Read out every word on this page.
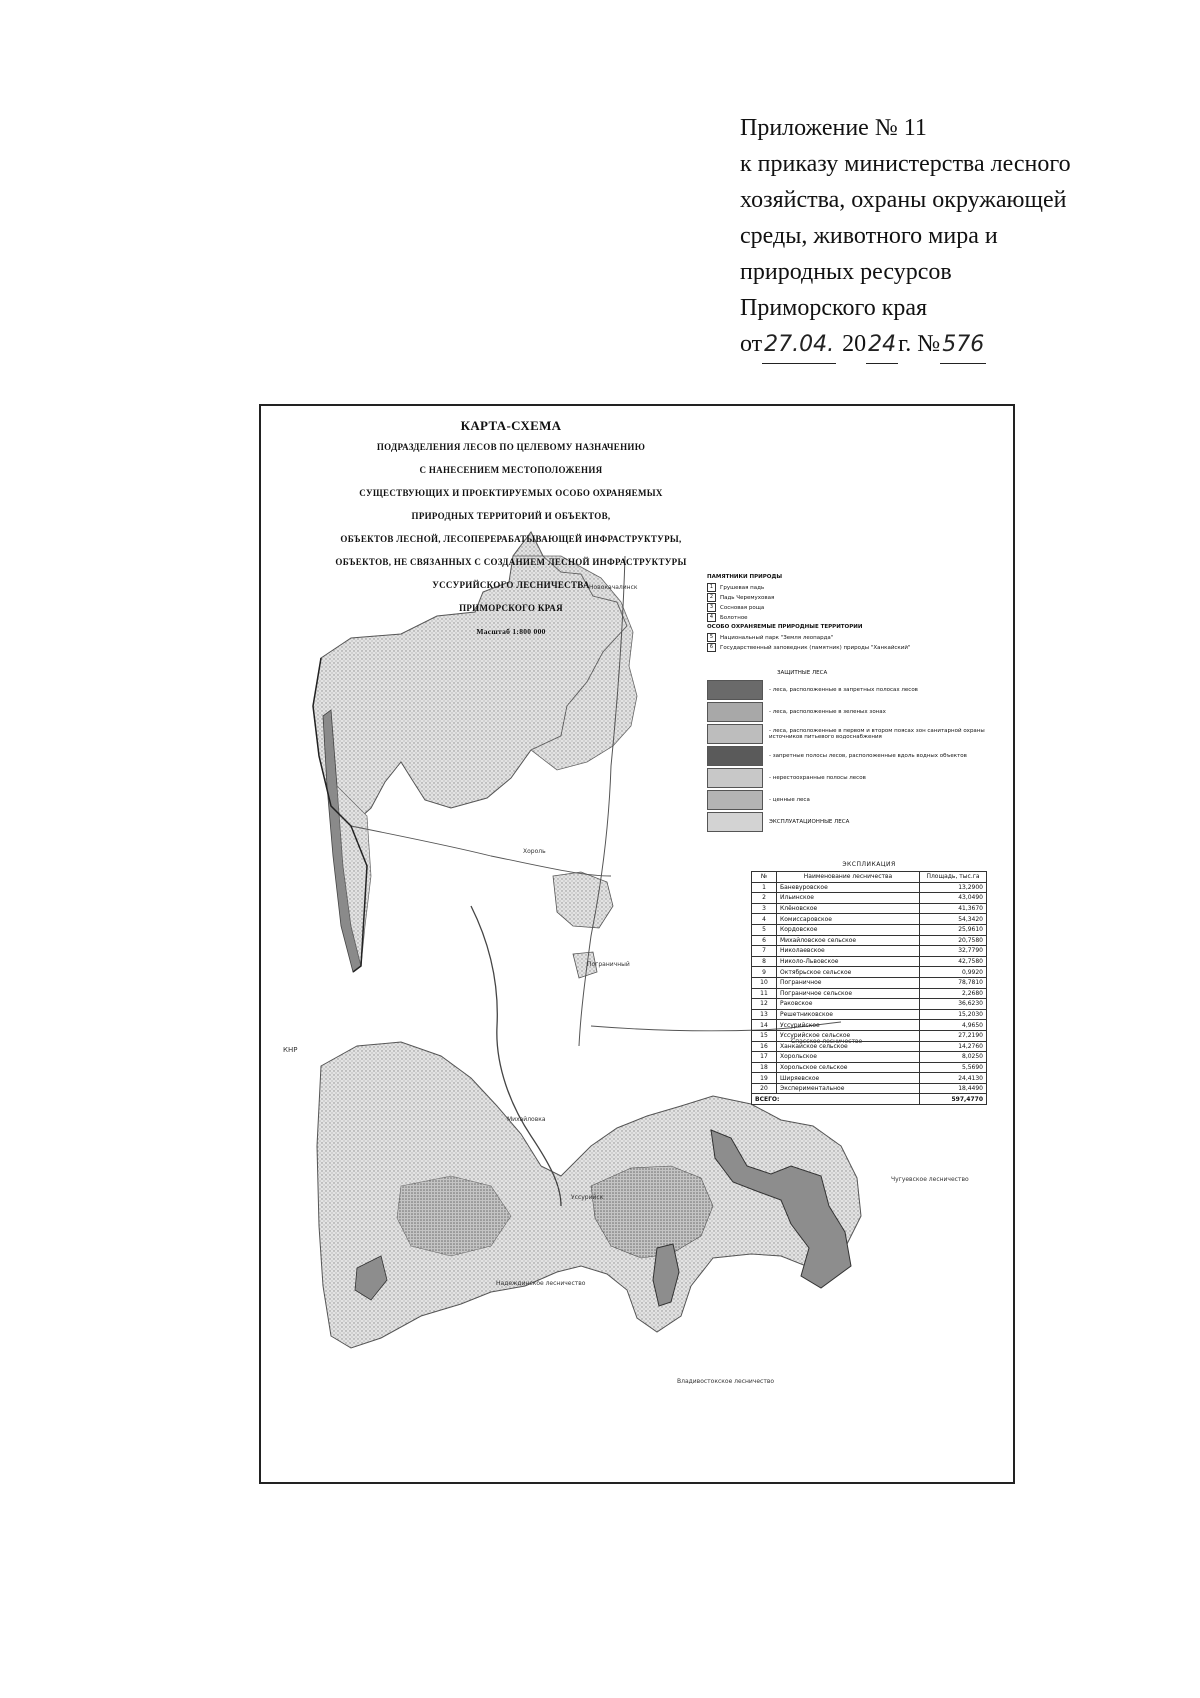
Приложение № 11
к приказу министерства лесного
хозяйства, охраны окружающей
среды, животного мира и
природных ресурсов
Приморского края
от27.04. 2024г. №576
КАРТА-СХЕМА
ПОДРАЗДЕЛЕНИЯ ЛЕСОВ ПО ЦЕЛЕВОМУ НАЗНАЧЕНИЮ
С НАНЕСЕНИЕМ МЕСТОПОЛОЖЕНИЯ
СУЩЕСТВУЮЩИХ И ПРОЕКТИРУЕМЫХ ОСОБО ОХРАНЯЕМЫХ
ПРИРОДНЫХ ТЕРРИТОРИЙ И ОБЪЕКТОВ,
ОБЪЕКТОВ ЛЕСНОЙ, ЛЕСОПЕРЕРАБАТЫВАЮЩЕЙ ИНФРАСТРУКТУРЫ,
ОБЪЕКТОВ, НЕ СВЯЗАННЫХ С СОЗДАНИЕМ ЛЕСНОЙ ИНФРАСТРУКТУРЫ
УССУРИЙСКОГО ЛЕСНИЧЕСТВА
ПРИМОРСКОГО КРАЯ
Масштаб 1:800 000
КНР
Спасское лесничество
Чугуевское лесничество
Владивостокское лесничество
Надеждинское лесничество
Пограничный
Хороль
Новокачалинск
Михайловка
Уссурийск
ПАМЯТНИКИ ПРИРОДЫ
1	Грушевая падь
2	Падь Черемуховая
3	Сосновая роща
4	Болотное
ОСОБО ОХРАНЯЕМЫЕ ПРИРОДНЫЕ ТЕРРИТОРИИ
5	Национальный парк "Земля леопарда"
6	Государственный заповедник (памятник) природы "Ханкайский"
ЗАЩИТНЫЕ ЛЕСА
- леса, расположенные в запретных полосах лесов
- леса, расположенные в зеленых зонах
- леса, расположенные в первом и втором поясах зон санитарной охраны источников питьевого водоснабжения
- запретные полосы лесов, расположенные вдоль водных объектов
- нерестоохранные полосы лесов
- ценные леса
ЭКСПЛУАТАЦИОННЫЕ ЛЕСА
ЭКСПЛИКАЦИЯ
№	Наименование лесничества	Площадь, тыс.га
1	Баневуровское	13,2900
2	Ильинское	43,0490
3	Клёновское	41,3670
4	Комиссаровское	54,3420
5	Кордовское	25,9610
6	Михайловское сельское	20,7580
7	Николаевское	32,7790
8	Николо-Львовское	42,7580
9	Октябрьское сельское	0,9920
10	Пограничное	78,7810
11	Пограничное сельское	2,2680
12	Раковское	36,6230
13	Решетниковское	15,2030
14	Уссурийское	4,9650
15	Уссурийское сельское	27,2190
16	Ханкайское сельское	14,2760
17	Хорольское	8,0250
18	Хорольское сельское	5,5690
19	Ширяевское	24,4130
20	Экспериментальное	18,4490
ВСЕГО:		597,4770
